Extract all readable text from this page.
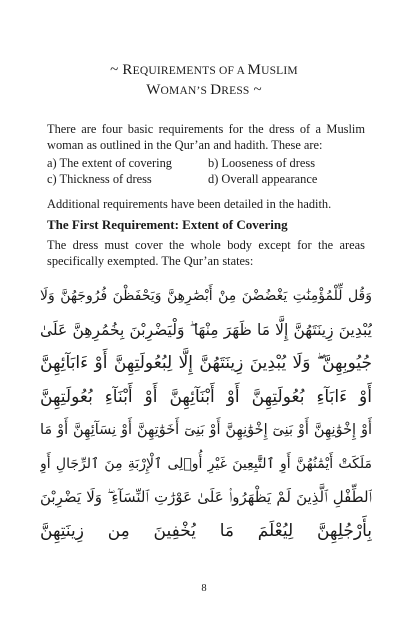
~ REQUIREMENTS OF A MUSLIM
WOMAN’S DRESS ~
There are four basic requirements for the dress of a Muslim woman as outlined in the Qur’an and hadith. These are:
a) The extent of covering	b) Looseness of dress
c) Thickness of dress	d) Overall appearance
Additional requirements have been detailed in the hadith.
The First Requirement: Extent of Covering
The dress must cover the whole body except for the areas specifically exempted. The Qur’an states:
وَقُل لِّلْمُؤْمِنَٰتِ يَغْضُضْنَ مِنْ أَبْصَٰرِهِنَّ وَيَحْفَظْنَ فُرُوجَهُنَّ وَلَا
يُبْدِينَ زِينَتَهُنَّ إِلَّا مَا ظَهَرَ مِنْهَا ۖ وَلْيَضْرِبْنَ بِخُمُرِهِنَّ عَلَىٰ
جُيُوبِهِنَّ ۖ وَلَا يُبْدِينَ زِينَتَهُنَّ إِلَّا لِبُعُولَتِهِنَّ أَوْ ءَابَآئِهِنَّ
أَوْ ءَابَآءِ بُعُولَتِهِنَّ أَوْ أَبْنَآئِهِنَّ أَوْ أَبْنَآءِ بُعُولَتِهِنَّ
أَوْ إِخْوَٰنِهِنَّ أَوْ بَنِىٓ إِخْوَٰنِهِنَّ أَوْ بَنِىٓ أَخَوَٰتِهِنَّ أَوْ نِسَآئِهِنَّ أَوْ مَا
مَلَكَتْ أَيْمَٰنُهُنَّ أَوِ ٱلتَّٰبِعِينَ غَيْرِ أُو۟لِى ٱلْإِرْبَةِ مِنَ ٱلرِّجَالِ أَوِ
ٱلطِّفْلِ ٱلَّذِينَ لَمْ يَظْهَرُوا۟ عَلَىٰ عَوْرَٰتِ ٱلنِّسَآءِ ۖ وَلَا يَضْرِبْنَ
بِأَرْجُلِهِنَّ لِيُعْلَمَ مَا يُخْفِينَ مِن زِينَتِهِنَّ
8
